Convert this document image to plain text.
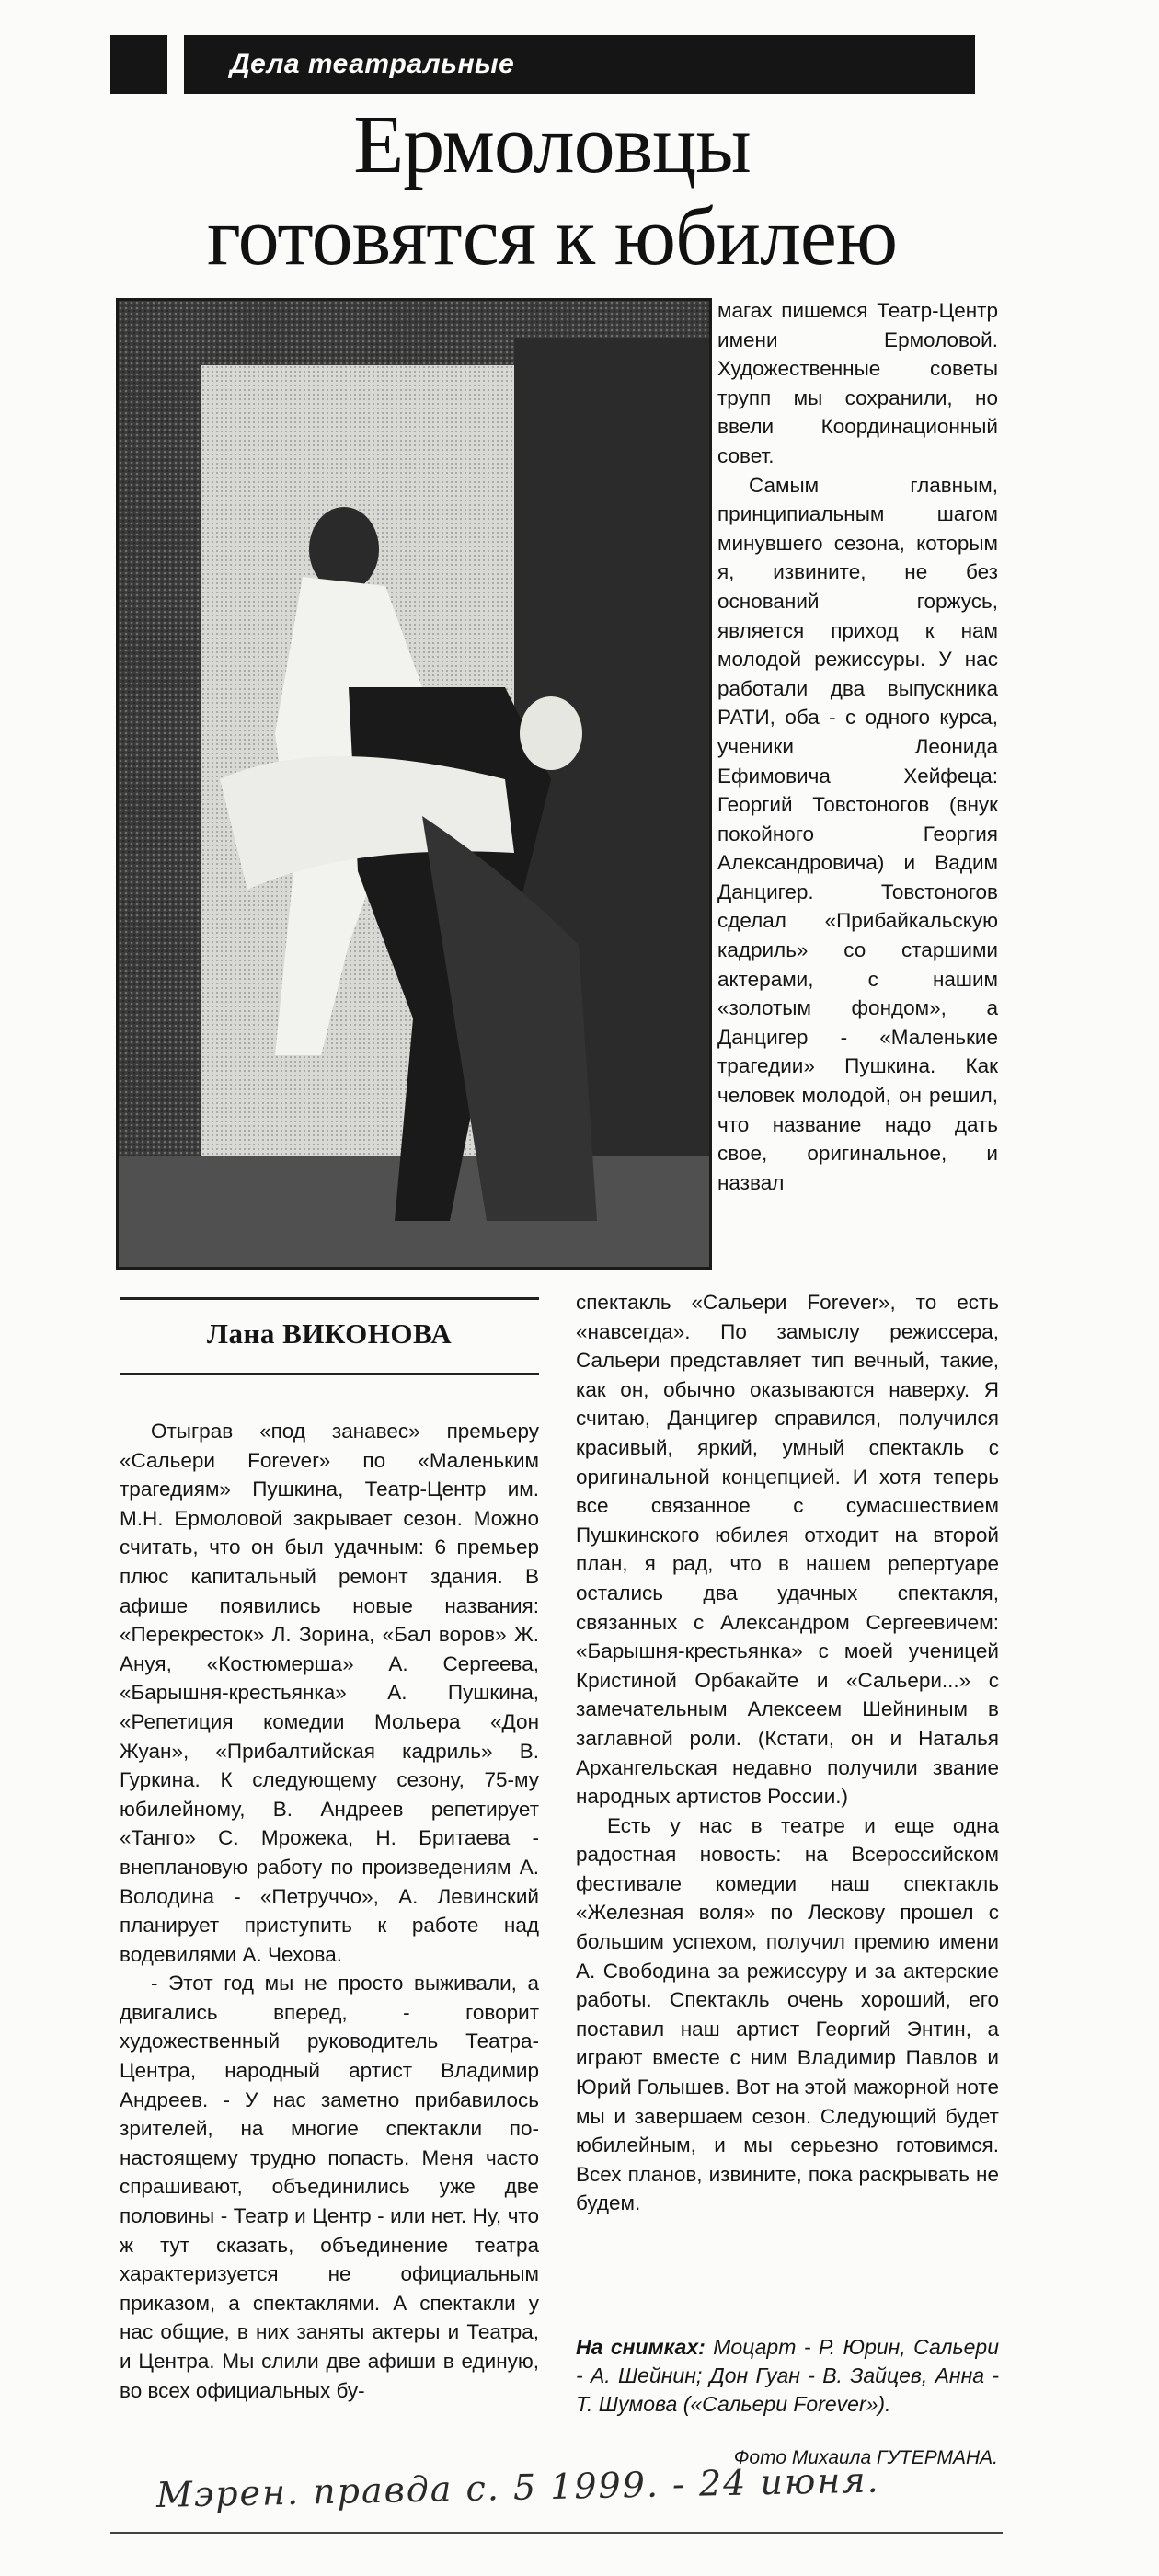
Дела театральные
Ермоловцы
готовятся к юбилею

магах пишемся Театр-Центр имени Ермоловой. Художественные советы трупп мы сохранили, но ввели Координационный совет.

Самым главным, принципиальным шагом минувшего сезона, которым я, извините, не без оснований горжусь, является приход к нам молодой режиссуры. У нас работали два выпускника РАТИ, оба - с одного курса, ученики Леонида Ефимовича Хейфеца: Георгий Товстоногов (внук покойного Георгия Александровича) и Вадим Данцигер. Товстоногов сделал «Прибайкальскую кадриль» со старшими актерами, с нашим «золотым фондом», а Данцигер - «Маленькие трагедии» Пушкина. Как человек молодой, он решил, что название надо дать свое, оригинальное, и назвал

Лана ВИКОНОВА

Отыграв «под занавес» премьеру «Сальери Forever» по «Маленьким трагедиям» Пушкина, Театр-Центр им. М.Н. Ермоловой закрывает сезон. Можно считать, что он был удачным: 6 премьер плюс капитальный ремонт здания. В афише появились новые названия: «Перекресток» Л. Зорина, «Бал воров» Ж. Ануя, «Костюмерша» А. Сергеева, «Барышня-крестьянка» А. Пушкина, «Репетиция комедии Мольера «Дон Жуан», «Прибалтийская кадриль» В. Гуркина. К следующему сезону, 75-му юбилейному, В. Андреев репетирует «Танго» С. Мрожека, Н. Бритаева - внеплановую работу по произведениям А. Володина - «Петруччо», А. Левинский планирует приступить к работе над водевилями А. Чехова.

- Этот год мы не просто выживали, а двигались вперед, - говорит художественный руководитель Театра-Центра, народный артист Владимир Андреев. - У нас заметно прибавилось зрителей, на многие спектакли по-настоящему трудно попасть. Меня часто спрашивают, объединились уже две половины - Театр и Центр - или нет. Ну, что ж тут сказать, объединение театра характеризуется не официальным приказом, а спектаклями. А спектакли у нас общие, в них заняты актеры и Театра, и Центра. Мы слили две афиши в единую, во всех официальных бу-

спектакль «Сальери Forever», то есть «навсегда». По замыслу режиссера, Сальери представляет тип вечный, такие, как он, обычно оказываются наверху. Я считаю, Данцигер справился, получился красивый, яркий, умный спектакль с оригинальной концепцией. И хотя теперь все связанное с сумасшествием Пушкинского юбилея отходит на второй план, я рад, что в нашем репертуаре остались два удачных спектакля, связанных с Александром Сергеевичем: «Барышня-крестьянка» с моей ученицей Кристиной Орбакайте и «Сальери...» с замечательным Алексеем Шейниным в заглавной роли. (Кстати, он и Наталья Архангельская недавно получили звание народных артистов России.)

Есть у нас в театре и еще одна радостная новость: на Всероссийском фестивале комедии наш спектакль «Железная воля» по Лескову прошел с большим успехом, получил премию имени А. Свободина за режиссуру и за актерские работы. Спектакль очень хороший, его поставил наш артист Георгий Энтин, а играют вместе с ним Владимир Павлов и Юрий Голышев. Вот на этой мажорной ноте мы и завершаем сезон. Следующий будет юбилейным, и мы серьезно готовимся. Всех планов, извините, пока раскрывать не будем.

На снимках: Моцарт - Р. Юрин, Сальери - А. Шейнин; Дон Гуан - В. Зайцев, Анна - Т. Шумова («Сальери Forever»).
Фото Михаила ГУТЕРМАНА.
Мэрен. правда с. 5 1999. - 24 июня.
